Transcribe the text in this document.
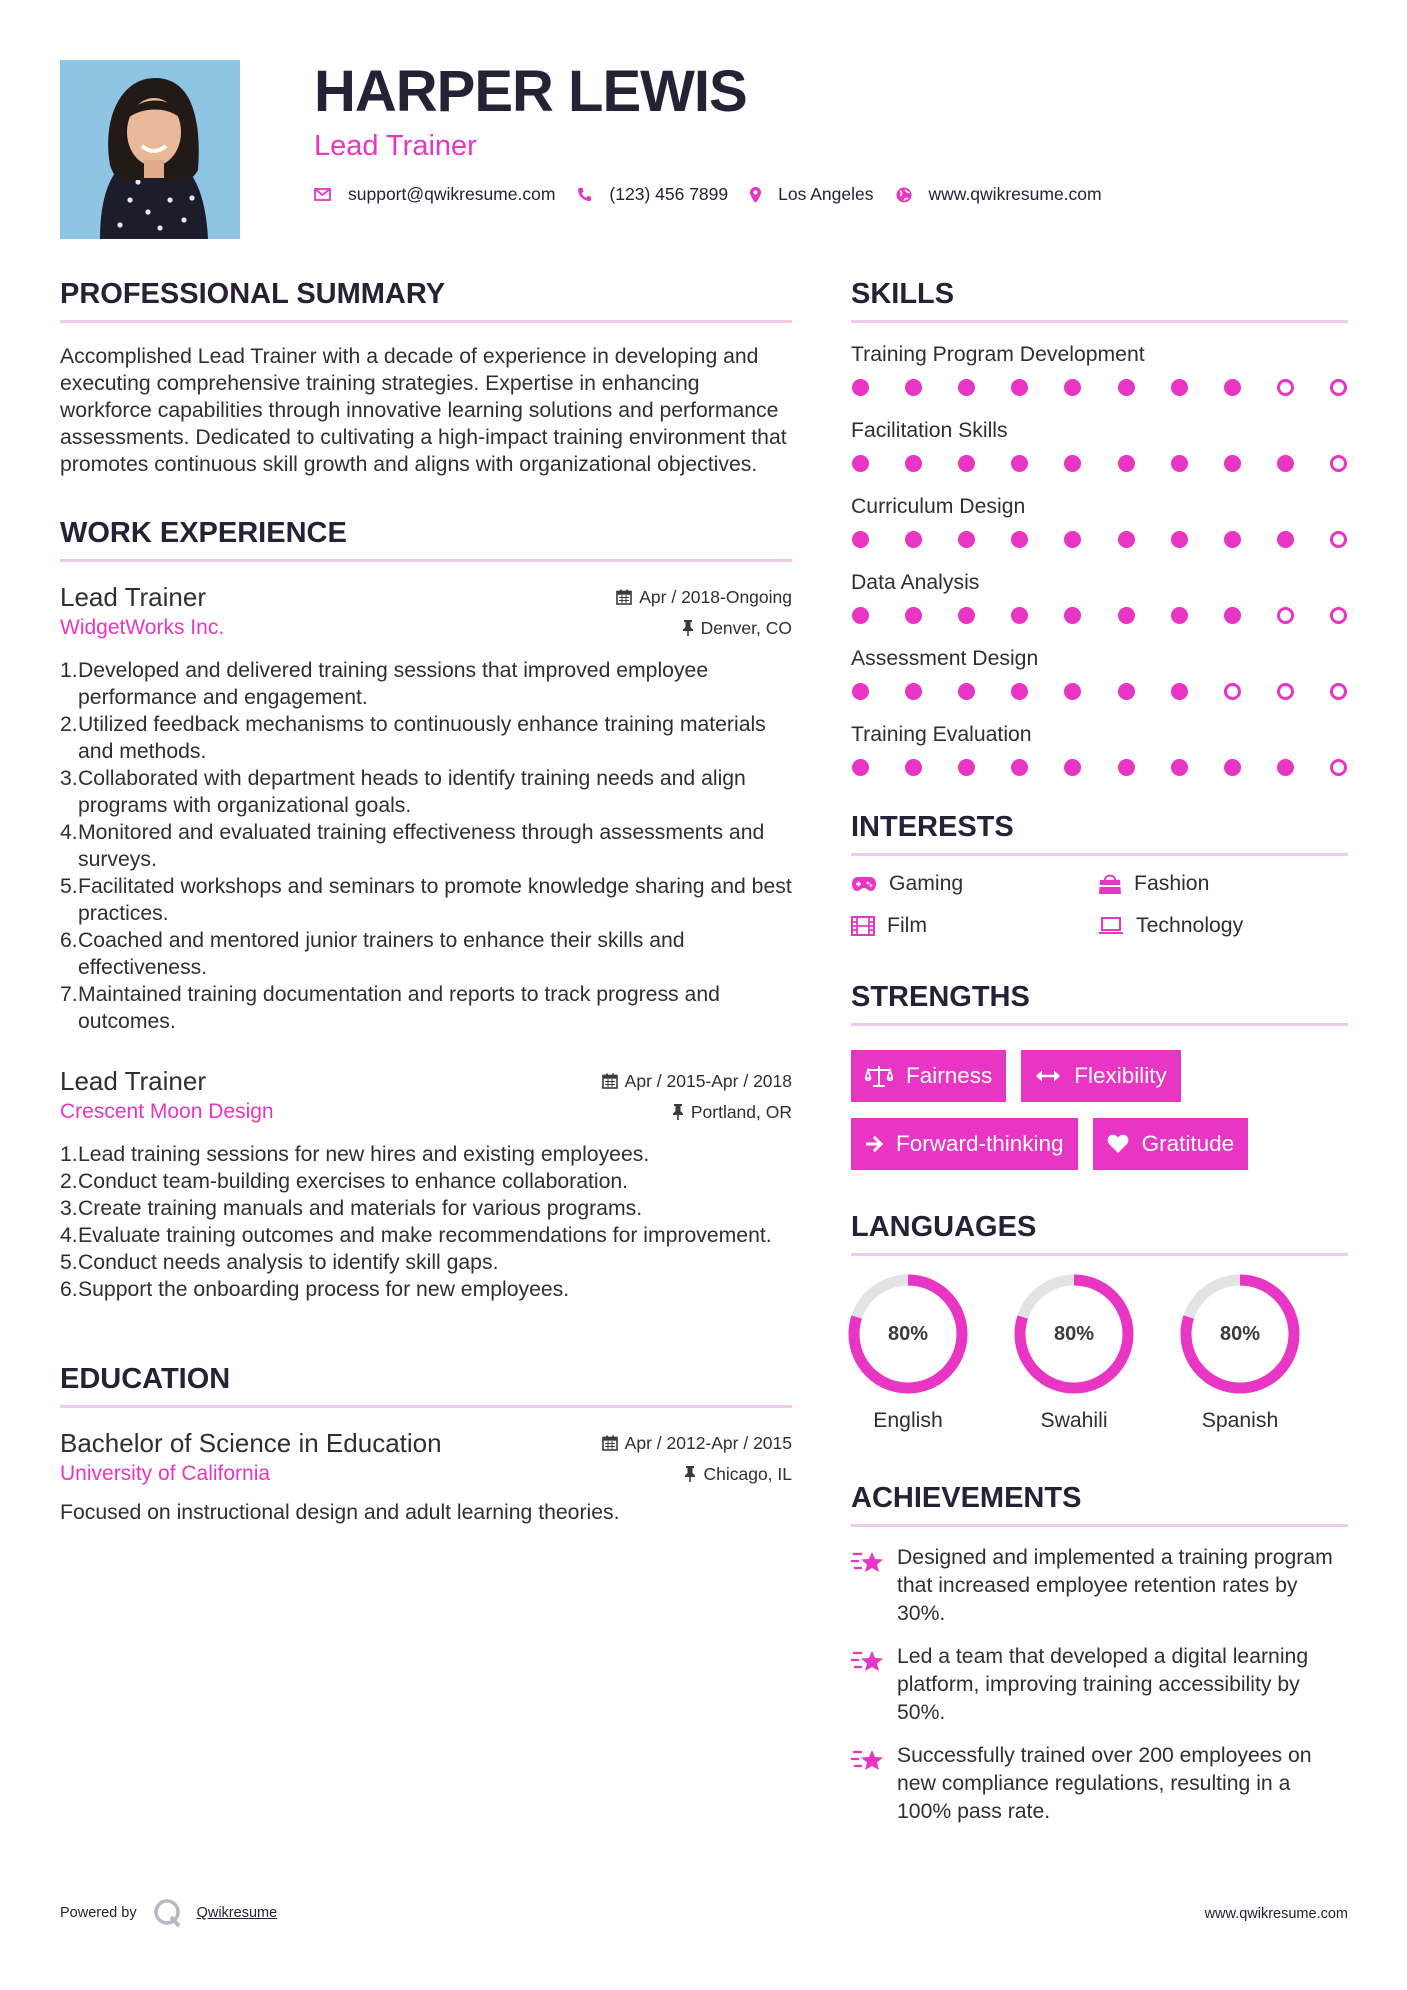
HARPER LEWIS
Lead Trainer
support@qwikresume.com	(123) 456 7899	Los Angeles	www.qwikresume.com
PROFESSIONAL SUMMARY

Accomplished Lead Trainer with a decade of experience in developing and executing comprehensive training strategies. Expertise in enhancing workforce capabilities through innovative learning solutions and performance assessments. Dedicated to cultivating a high-impact training environment that promotes continuous skill growth and aligns with organizational objectives.

WORK EXPERIENCE
Lead Trainer	Apr / 2018-Ongoing
WidgetWorks Inc.	Denver, CO
1. Developed and delivered training sessions that improved employee performance and engagement.
2. Utilized feedback mechanisms to continuously enhance training materials and methods.
3. Collaborated with department heads to identify training needs and align programs with organizational goals.
4. Monitored and evaluated training effectiveness through assessments and surveys.
5. Facilitated workshops and seminars to promote knowledge sharing and best practices.
6. Coached and mentored junior trainers to enhance their skills and effectiveness.
7. Maintained training documentation and reports to track progress and outcomes.
Lead Trainer	Apr / 2015-Apr / 2018
Crescent Moon Design	Portland, OR
1. Lead training sessions for new hires and existing employees.
2. Conduct team-building exercises to enhance collaboration.
3. Create training manuals and materials for various programs.
4. Evaluate training outcomes and make recommendations for improvement.
5. Conduct needs analysis to identify skill gaps.
6. Support the onboarding process for new employees.
EDUCATION
Bachelor of Science in Education	Apr / 2012-Apr / 2015
University of California	Chicago, IL

Focused on instructional design and adult learning theories.

SKILLS
Training Program Development
Facilitation Skills
Curriculum Design
Data Analysis
Assessment Design
Training Evaluation
INTERESTS
Gaming	Fashion
Film	Technology
STRENGTHS
Fairness	Flexibility
Forward-thinking	Gratitude
LANGUAGES
80%
English
80%
Swahili
80%
Spanish
ACHIEVEMENTS

Designed and implemented a training program that increased employee retention rates by 30%.

Led a team that developed a digital learning platform, improving training accessibility by 50%.

Successfully trained over 200 employees on new compliance regulations, resulting in a 100% pass rate.

Powered by	Qwikresume	www.qwikresume.com
